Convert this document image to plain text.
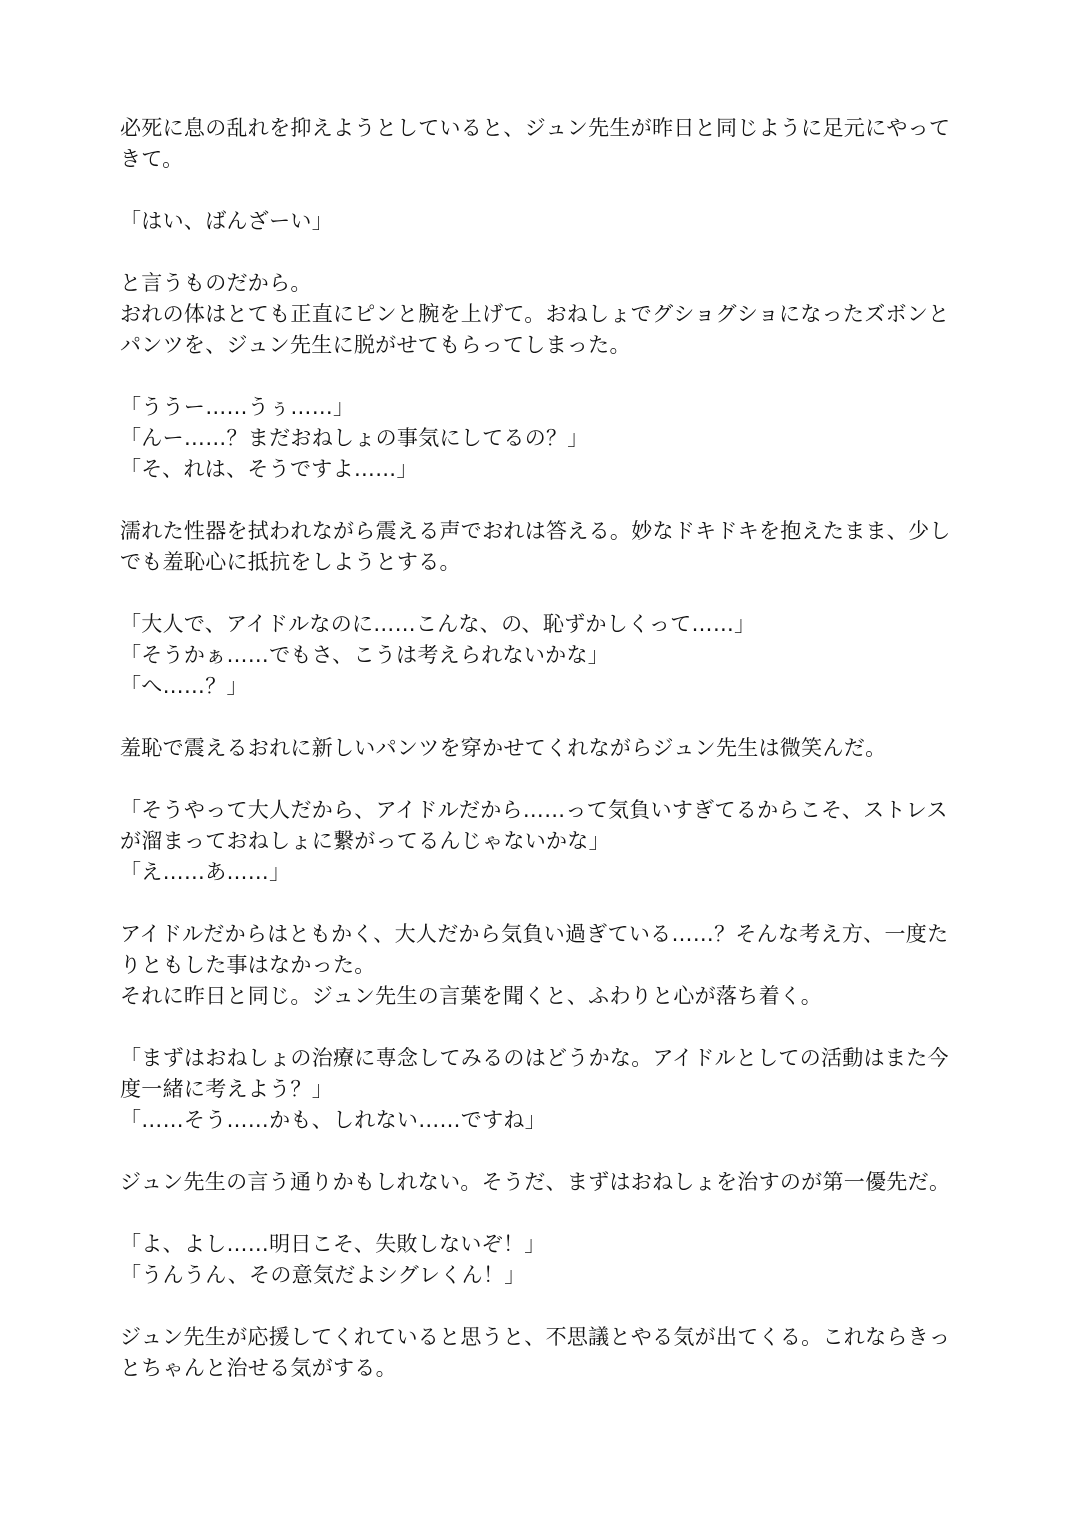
必死に息の乱れを抑えようとしていると、ジュン先生が昨日と同じように足元にやってきて。

「はい、ばんざーい」

と言うものだから。

おれの体はとても正直にピンと腕を上げて。おねしょでグショグショになったズボンとパンツを、ジュン先生に脱がせてもらってしまった。

「ううー……うぅ……」

「んー……？まだおねしょの事気にしてるの？」

「そ、れは、そうですよ……」

濡れた性器を拭われながら震える声でおれは答える。妙なドキドキを抱えたまま、少しでも羞恥心に抵抗をしようとする。

「大人で、アイドルなのに……こんな、の、恥ずかしくって……」

「そうかぁ……でもさ、こうは考えられないかな」

「へ……？」

羞恥で震えるおれに新しいパンツを穿かせてくれながらジュン先生は微笑んだ。

「そうやって大人だから、アイドルだから……って気負いすぎてるからこそ、ストレスが溜まっておねしょに繋がってるんじゃないかな」

「え……あ……」

アイドルだからはともかく、大人だから気負い過ぎている……？そんな考え方、一度たりともした事はなかった。

それに昨日と同じ。ジュン先生の言葉を聞くと、ふわりと心が落ち着く。

「まずはおねしょの治療に専念してみるのはどうかな。アイドルとしての活動はまた今度一緒に考えよう？」

「……そう……かも、しれない……ですね」

ジュン先生の言う通りかもしれない。そうだ、まずはおねしょを治すのが第一優先だ。

「よ、よし……明日こそ、失敗しないぞ！」

「うんうん、その意気だよシグレくん！」

ジュン先生が応援してくれていると思うと、不思議とやる気が出てくる。これならきっとちゃんと治せる気がする。
